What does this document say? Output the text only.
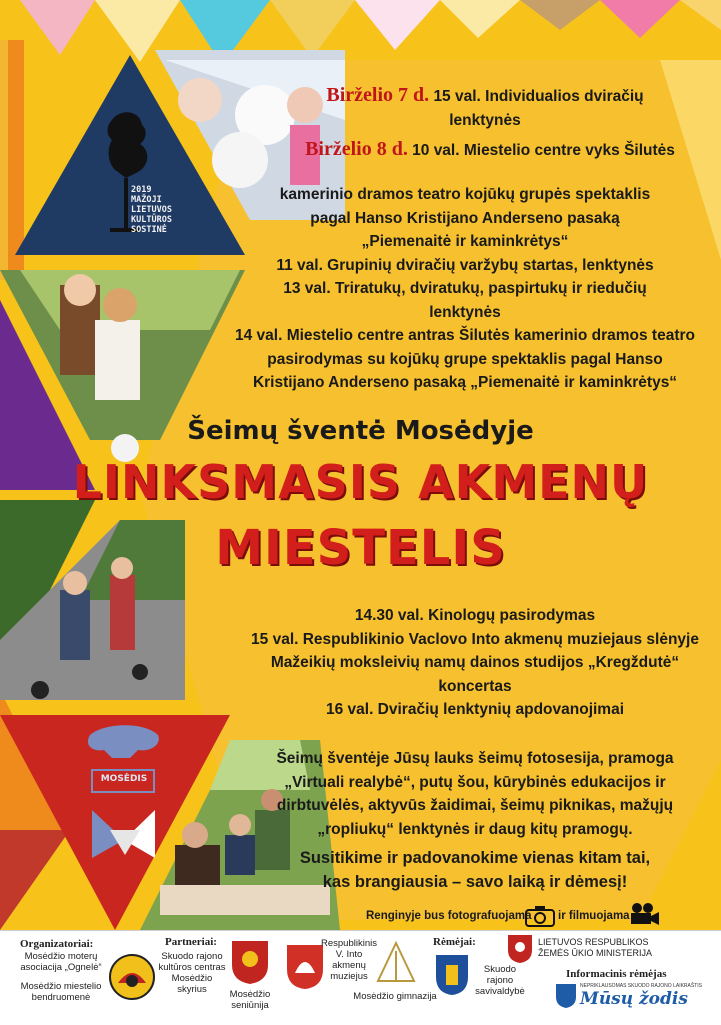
2019
MAŽOJI
LIETUVOS
KULTŪROS
SOSTINĖ
MOSĖDIS
Birželio 7 d. 15 val. Individualios dviračių
lenktynės
Birželio 8 d. 10 val. Miestelio centre vyks Šilutės
kamerinio dramos teatro kojūkų grupės spektaklis
pagal Hanso Kristijano Anderseno pasaką
„Piemenaitė ir kaminkrėtys“
11 val. Grupinių dviračių varžybų startas, lenktynės
13 val. Triratukų, dviratukų, paspirtukų ir riedučių
lenktynės
14 val. Miestelio centre antras Šilutės kamerinio dramos teatro
pasirodymas su kojūkų grupe spektaklis pagal Hanso
Kristijano Anderseno pasaką „Piemenaitė ir kaminkrėtys“
Šeimų šventė Mosėdyje
LINKSMASIS AKMENŲ
MIESTELIS
14.30 val. Kinologų pasirodymas
15 val. Respublikinio Vaclovo Into akmenų muziejaus slėnyje
Mažeikių moksleivių namų dainos studijos „Kregždutė“
koncertas
16 val. Dviračių lenktynių apdovanojimai
Šeimų šventėje Jūsų lauks šeimų fotosesija, pramoga
„Virtuali realybė“, putų šou, kūrybinės edukacijos ir
dirbtuvėlės, aktyvūs žaidimai, šeimų piknikas, mažųjų
„ropliukų“ lenktynės ir daug kitų pramogų.
Susitikime ir padovanokime vienas kitam tai,
kas brangiausia – savo laiką ir dėmesį!
Renginyje bus fotografuojama ir filmuojama
Organizatoriai:
Mosėdžio moterų
asociacija „Ognelė“
Mosėdžio miestelio
bendruomenė
Partneriai:
Skuodo rajono
kultūros centras
Mosėdžio
skyrius	Mosėdžio
seniūnija
Respublikinis
V. Into
akmenų
muziejus
Mosėdžio gimnazija
Rėmėjai:
Skuodo
rajono
savivaldybė
LIETUVOS RESPUBLIKOS
ŽEMĖS ŪKIO MINISTERIJA
Informacinis rėmėjas
NEPRIKLAUSOMAS SKUODO RAJONO LAIKRAŠTIS
Mūsų žodis
